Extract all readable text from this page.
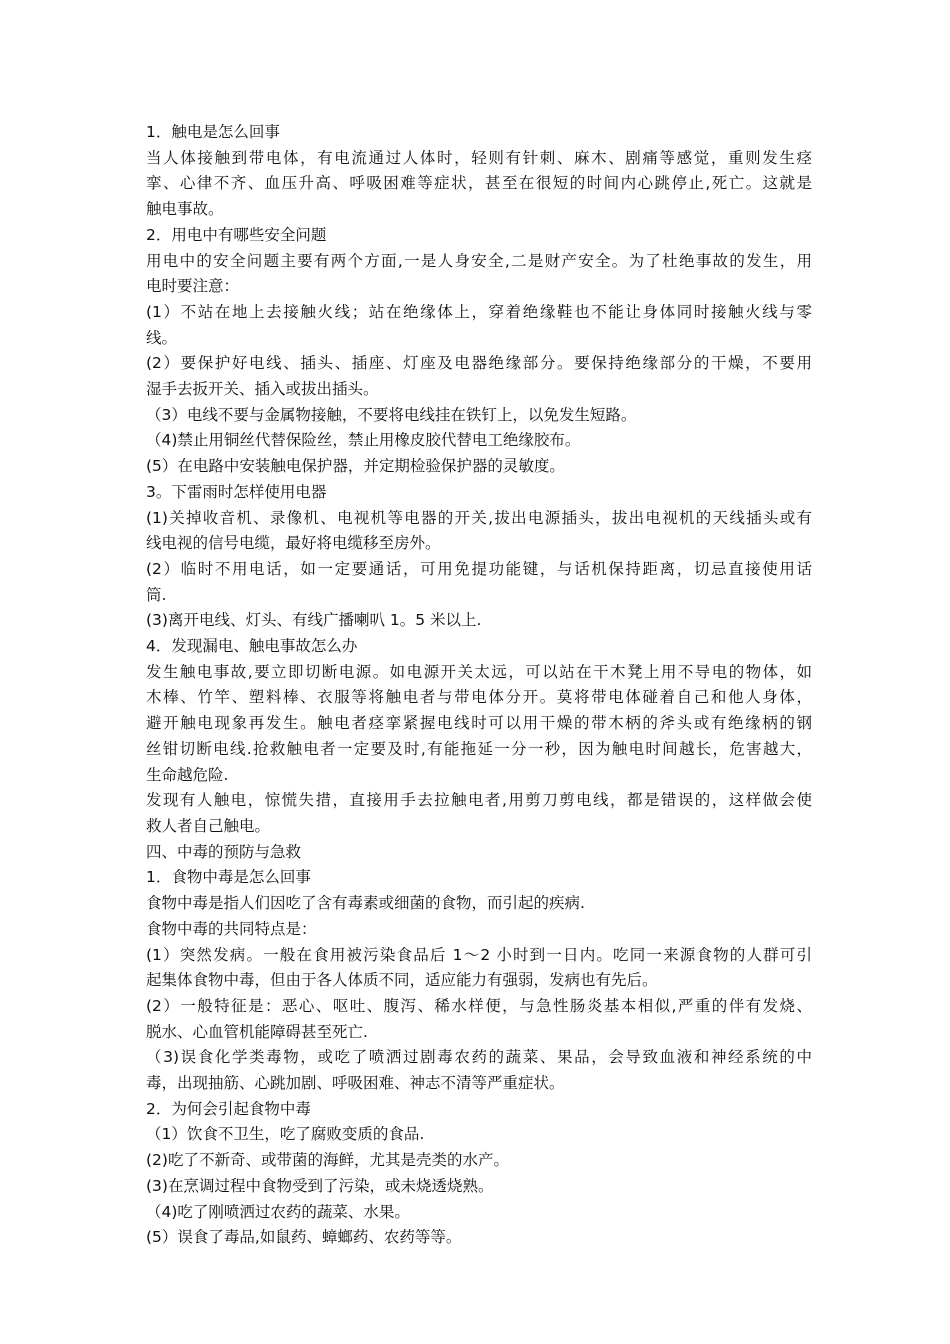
1．触电是怎么回事
当人体接触到带电体，有电流通过人体时，轻则有针刺、麻木、剧痛等感觉，重则发生痉
挛、心律不齐、血压升高、呼吸困难等症状，甚至在很短的时间内心跳停止,死亡。这就是
触电事故。
2．用电中有哪些安全问题
用电中的安全问题主要有两个方面,一是人身安全,二是财产安全。为了杜绝事故的发生，用
电时要注意：
(1）不站在地上去接触火线；站在绝缘体上，穿着绝缘鞋也不能让身体同时接触火线与零
线。
(2）要保护好电线、插头、插座、灯座及电器绝缘部分。要保持绝缘部分的干燥，不要用
湿手去扳开关、插入或拔出插头。
（3）电线不要与金属物接触，不要将电线挂在铁钉上，以免发生短路。
（4)禁止用铜丝代替保险丝，禁止用橡皮胶代替电工绝缘胶布。
(5）在电路中安装触电保护器，并定期检验保护器的灵敏度。
3。下雷雨时怎样使用电器
(1)关掉收音机、录像机、电视机等电器的开关,拔出电源插头，拔出电视机的天线插头或有
线电视的信号电缆，最好将电缆移至房外。
(2）临时不用电话，如一定要通话，可用免提功能键，与话机保持距离，切忌直接使用话
筒.
(3)离开电线、灯头、有线广播喇叭 1。5 米以上.
4．发现漏电、触电事故怎么办
发生触电事故,要立即切断电源。如电源开关太远，可以站在干木凳上用不导电的物体，如
木棒、竹竿、塑料棒、衣服等将触电者与带电体分开。莫将带电体碰着自己和他人身体，
避开触电现象再发生。触电者痉挛紧握电线时可以用干燥的带木柄的斧头或有绝缘柄的钢
丝钳切断电线.抢救触电者一定要及时,有能拖延一分一秒，因为触电时间越长，危害越大，
生命越危险.
发现有人触电，惊慌失措，直接用手去拉触电者,用剪刀剪电线，都是错误的，这样做会使
救人者自己触电。
四、中毒的预防与急救
1．食物中毒是怎么回事
食物中毒是指人们因吃了含有毒素或细菌的食物，而引起的疾病.
食物中毒的共同特点是：
(1）突然发病。一般在食用被污染食品后 1～2 小时到一日内。吃同一来源食物的人群可引
起集体食物中毒，但由于各人体质不同，适应能力有强弱，发病也有先后。
(2）一般特征是：恶心、呕吐、腹泻、稀水样便，与急性肠炎基本相似,严重的伴有发烧、
脱水、心血管机能障碍甚至死亡.
（3)误食化学类毒物，或吃了喷洒过剧毒农药的蔬菜、果品，会导致血液和神经系统的中
毒，出现抽筋、心跳加剧、呼吸困难、神志不清等严重症状。
2．为何会引起食物中毒
（1）饮食不卫生，吃了腐败变质的食品.
(2)吃了不新奇、或带菌的海鲜，尤其是壳类的水产。
(3)在烹调过程中食物受到了污染，或未烧透烧熟。
（4)吃了刚喷洒过农药的蔬菜、水果。
(5）误食了毒品,如鼠药、蟑螂药、农药等等。
